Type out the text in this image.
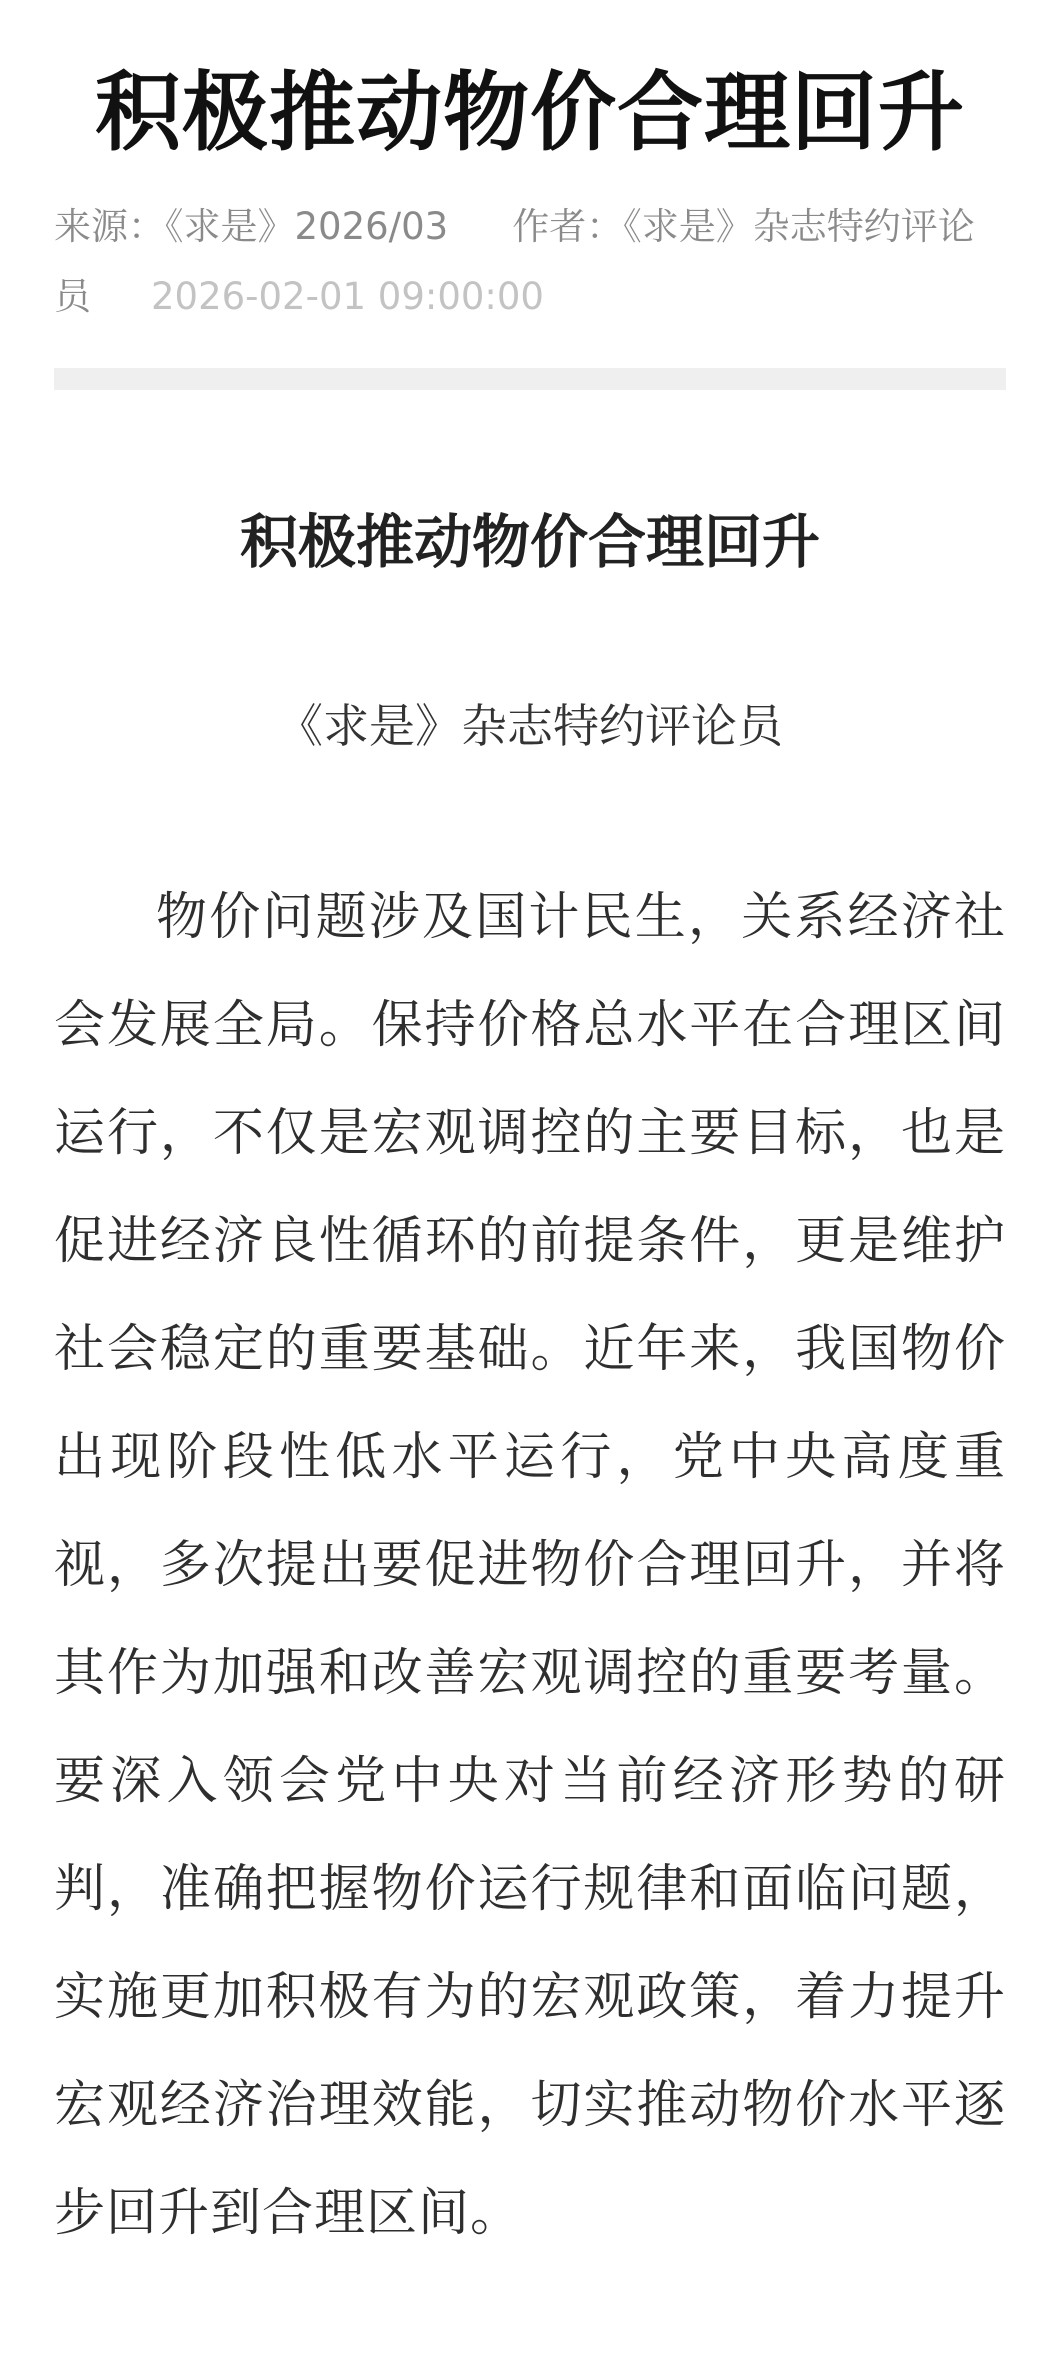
积极推动物价合理回升
来源：《求是》2026/03 作者：《求是》杂志特约评论员 2026-02-01 09:00:00
积极推动物价合理回升
《求是》杂志特约评论员

物价问题涉及国计民生，关系经济社会发展全局。保持价格总水平在合理区间运行，不仅是宏观调控的主要目标，也是促进经济良性循环的前提条件，更是维护社会稳定的重要基础。近年来，我国物价出现阶段性低水平运行，党中央高度重视，多次提出要促进物价合理回升，并将其作为加强和改善宏观调控的重要考量。要深入领会党中央对当前经济形势的研判，准确把握物价运行规律和面临问题，实施更加积极有为的宏观政策，着力提升宏观经济治理效能，切实推动物价水平逐步回升到合理区间。
